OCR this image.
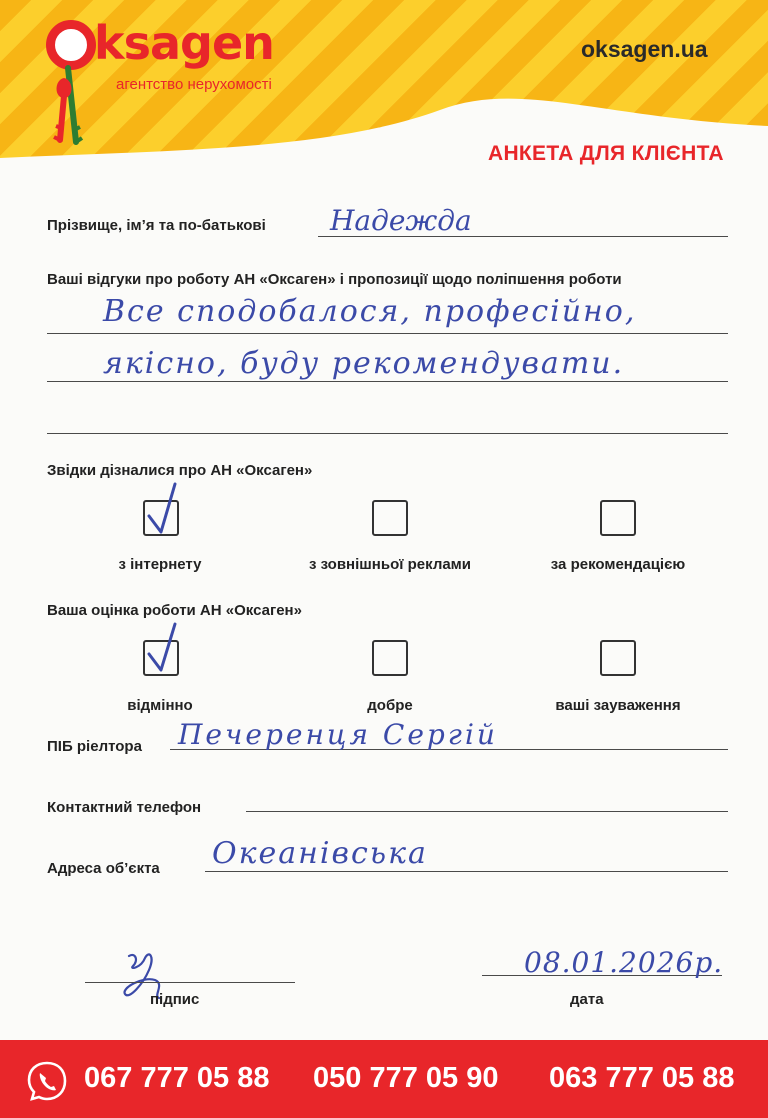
ksagen
агентство нерухомості
oksagen.ua
АНКЕТА ДЛЯ КЛІЄНТА
Прізвище, ім’я та по-батькові Надежда
Ваші відгуки про роботу АН «Оксаген» і пропозиції щодо поліпшення роботи
Все сподобалося, професійно,
якісно, буду рекомендувати.
Звідки дізналися про АН «Оксаген»
з інтернету	з зовнішньої реклами	за рекомендацією
Ваша оцінка роботи АН «Оксаген»
відмінно	добре	ваші зауваження
ПІБ ріелтора Печеренця Сергій
Контактний телефон
Адреса об’єкта Океанівська
підпис
08.01.2026р.
дата
067 777 05 88 050 777 05 90 063 777 05 88
